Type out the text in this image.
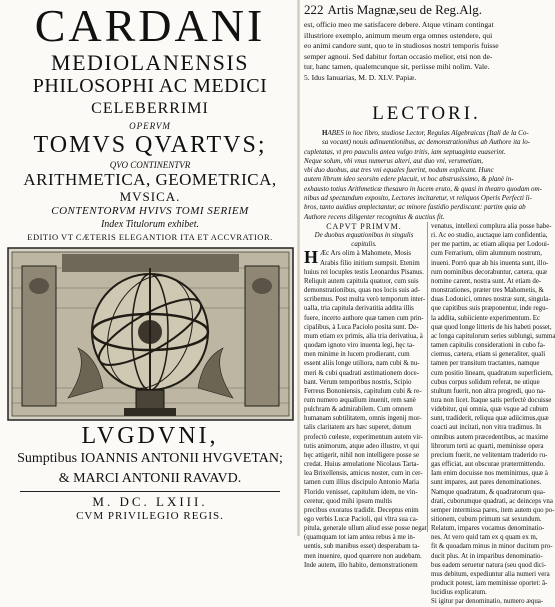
CARDANI
MEDIOLANENSIS
PHILOSOPHI AC MEDICI
CELEBERRIMI
OPERVM
TOMVS QVARTVS;
QVO CONTINENTVR
ARITHMETICA, GEOMETRICA,
MVSICA.
CONTENTORVM HVIVS TOMI SERIEM
Index Titulorum exhibet.
EDITIO VT CÆTERIS ELEGANTIOR ITA ET ACCVRATIOR.
LVGDVNI,
Sumptibus IOANNIS ANTONII HVGVETAN;
& MARCI ANTONII RAVAVD.
M. DC. LXIII.
CVM PRIVILEGIO REGIS.
222 Artis Magnæ,seu de Reg.Alg.
est, officio meo me satisfacere debere. Atque vtinam contingat
illustriore exemplo, animum meum erga omnes ostendere, qui
eo animi candore sunt, quo te in studiosos nostri temporis fuisse
semper agnoui. Sed dabitur fortan occasio melior, etsi non de-
tur, hanc tamen, qualemcunque sit, periisse mihi nolim. Vale.
5. Idus Ianuarias, M. D. XLV. Papiæ.
LECTORI.
HABES in hoc libro, studiose Lector, Regulas Algebraicas (Itali de la Co-
sa vocant) nouis adinuentionibus, ac demonstrationibus ab Authore ita lo-
cupletatas, vt pro pauculis antea vulgo tritis, iam septuaginta euaserint.
Neque solum, vbi vnus numerus alteri, aut duo vni, verumetiam,
vbi duo duobus, aut tres vni equales fuerint, nodum explicant. Hunc
autem librum ideo seorsim edere placuit, vt hoc abstrusissimo, & planè in-
exhausto totius Arithmeticæ thesauro in lucem eruto, & quasi in theatro quodam om-
nibus ad spectandum exposito, Lectores incitaretur, vt reliquos Operis Perfecti li-
bros, tanto auidius amplectantur, ac minore fastidio perdiscant: partim quia ab
Authore recens diligenter recognitus & auctius fit.
CAPVT PRIMVM.
De duobus æquationibus in singulis
capitulis.
H Æc Ars olim à Mahomete, Mosis
Arabis filio initium sumpsit. Etenim
huius rei locuples testis Leonardus Pisanus.
Reliquit autem capitula quatuor, cum suis
demonstrationibus, quas nos locis suis ad-
scribemus. Post multa verò temporum inter-
ualla, tria capitula derivatitia addita illis
fuere, incerto authore quæ tamen cum prin-
cipalibus, à Luca Paciolo posita sunt. De-
mum etiam ex primis, alia tria derivatiua, à
quodam ignoto viro inuenta legi, hęc ta-
men minime in lucem prodierant, cum
essent aliis longe utiliora, nam cubi & nu-
meri & cubi quadrati æstimationem doce-
bant. Verum temporibus nostris, Scipio
Ferreus Bononiensis, capitulum cubi & re-
rum numero æqualium inuenit, rem sanè
pulchram & admirabilem. Cum omnem
humanam subtilitatem, omnis ingenij mor-
talis claritatem ars hæc superet, donum
profectò cœleste, experimentum autem vir-
tutis animorum, atque adeo illustre, vt qui
hęc attigerit, nihil non intelligere posse se
credat. Huius æmulatione Nicolaus Tarta-
lea Brixellensis, amicus noster, cum in cer-
tamen cum illius discipulo Antonio Maria
Florido venisset, capitulum idem, ne vin-
ceretur, quod mihi ipsum multis
precibus exoratus tradidit. Deceptus enim
ego verbis Lucæ Pacioli, qui vltra sua ca-
pitula, generale ullum aliud esse posse negat
(quamquam tot iam antea rebus à me in-
uentis, sub manibus esset) desperabam ta-
men inuenire, quod quærere non audebam.
Inde autem, illo habito, demonstrationem
venatus, intellexi complura alia posse habe-
ri. Ac eo studio, auctaque iam confidentia,
per me partim, ac etiam aliqua per Lodoui-
cum Ferrarium, olim alumnum nostrum,
inueni. Porrò quæ ab his inuenta sunt, illo-
rum nominibus decorabuntur, cætera, quæ
nomine carent, nostra sunt. At etiam de-
monstrationes, præter tres Mahometis, &
duas Lodouici, omnes nostræ sunt, singula-
que capitibus suis præponentur, inde regu-
la addita, subiiciente experimentum. Ec
quæ quod longe litteris de his habeti posset,
ac longa capitulorum series sublungi, summa
tamen capitulis considerationi in cubo fa-
ciemus, cætera, etiam si generaliter, quali
tamen per transitum tractantes, namque
cum positio lineam, quadratum superficiem,
cubus corpus solidum referat, ne utique
stultum fuerit, non altra progredi, quo na-
tura non licet. Itaque satis perfectè docuisse
videbitur, qui omnia, quæ vsque ad cubum
sunt, tradiderit, reliqua quæ adiicimus,quæ
coacti aut incitati, non vitra tradimus. In
omnibus autem præcedentibus, ac maxime
librorum terti ac quarti, meminisse opera
precium fuerit, ne velitentam traderido ru-
gas efficiat, aut obscurae prætermittendo.
Iam enim docuisse nos meminimus, quæ à
sunt impares, aut pares denominationes.
Namque quadratum, & quadratorum qua-
drati, cuborumque quadrati, ac deinceps vna
semper intermissa pares, item autem quo po-
sitionem, cubum primum sat sexundum.
Relatum, impares vocamus denominatio-
nes. At vero quid tam ex q quam ex m,
fit & quoadam minus in minor ducitum pro-
ducit plus. At in imparibus denominatio-
bus eadem seruetur natura (seu quod dici-
mus debitum, expediuntur alia numeri vera
producit potest, iam meminisse oportet: ā-
lucidius explicatum.
Si igitur par denominatio, numero æqua-
